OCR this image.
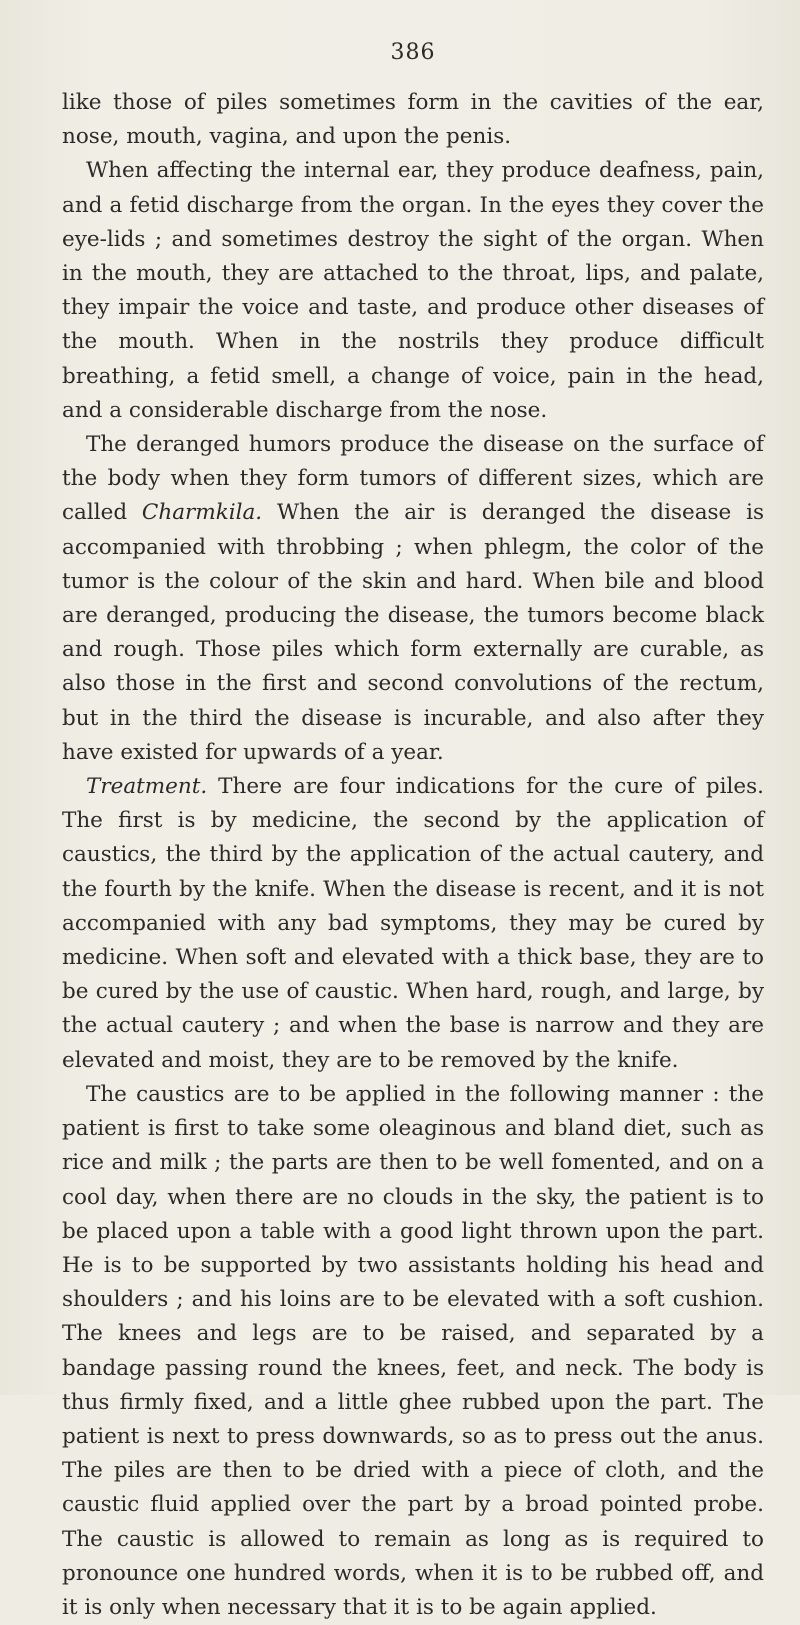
386

like those of piles sometimes form in the cavities of the ear, nose, mouth, vagina, and upon the penis.

When affecting the internal ear, they produce deafness, pain, and a fetid discharge from the organ. In the eyes they cover the eye-lids ; and sometimes destroy the sight of the organ. When in the mouth, they are attached to the throat, lips, and palate, they impair the voice and taste, and produce other diseases of the mouth. When in the nostrils they produce difficult breathing, a fetid smell, a change of voice, pain in the head, and a considerable discharge from the nose.

The deranged humors produce the disease on the surface of the body when they form tumors of different sizes, which are called Charmkila. When the air is deranged the disease is accompanied with throbbing ; when phlegm, the color of the tumor is the colour of the skin and hard. When bile and blood are deranged, producing the disease, the tumors become black and rough. Those piles which form externally are curable, as also those in the first and second convolutions of the rectum, but in the third the disease is incurable, and also after they have existed for upwards of a year.

Treatment. There are four indications for the cure of piles. The first is by medicine, the second by the application of caustics, the third by the application of the actual cautery, and the fourth by the knife. When the disease is recent, and it is not accompanied with any bad symptoms, they may be cured by medicine. When soft and elevated with a thick base, they are to be cured by the use of caustic. When hard, rough, and large, by the actual cautery ; and when the base is narrow and they are elevated and moist, they are to be removed by the knife.

The caustics are to be applied in the following manner : the patient is first to take some oleaginous and bland diet, such as rice and milk ; the parts are then to be well fomented, and on a cool day, when there are no clouds in the sky, the patient is to be placed upon a table with a good light thrown upon the part. He is to be supported by two assistants holding his head and shoulders ; and his loins are to be elevated with a soft cushion. The knees and legs are to be raised, and separated by a bandage passing round the knees, feet, and neck. The body is thus firmly fixed, and a little ghee rubbed upon the part. The patient is next to press downwards, so as to press out the anus. The piles are then to be dried with a piece of cloth, and the caustic fluid applied over the part by a broad pointed probe. The caustic is allowed to remain as long as is required to pronounce one hundred words, when it is to be rubbed off, and it is only when necessary that it is to be again applied.
